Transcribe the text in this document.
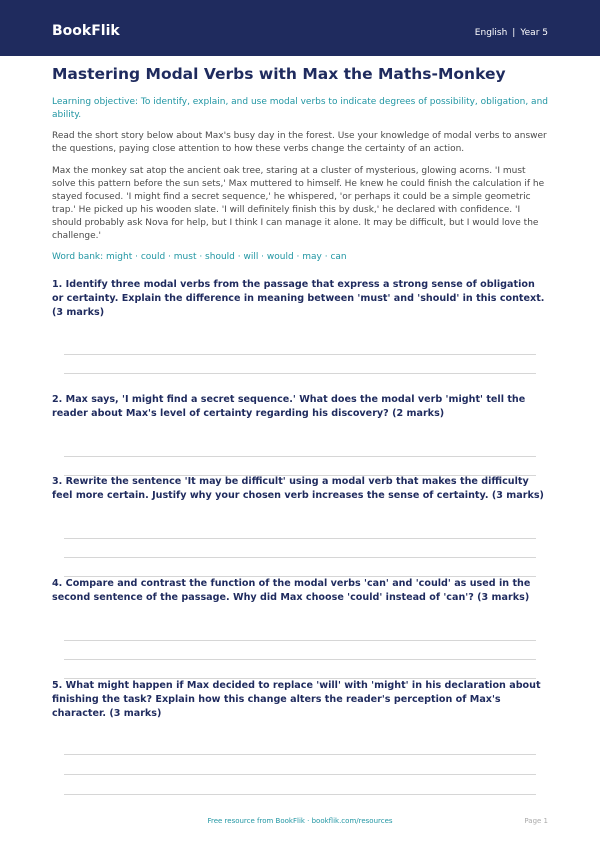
BookFlik	English | Year 5
Mastering Modal Verbs with Max the Maths-Monkey

Learning objective: To identify, explain, and use modal verbs to indicate degrees of possibility, obligation, and ability.

Read the short story below about Max's busy day in the forest. Use your knowledge of modal verbs to answer the questions, paying close attention to how these verbs change the certainty of an action.

Max the monkey sat atop the ancient oak tree, staring at a cluster of mysterious, glowing acorns. 'I must solve this pattern before the sun sets,' Max muttered to himself. He knew he could finish the calculation if he stayed focused. 'I might find a secret sequence,' he whispered, 'or perhaps it could be a simple geometric trap.' He picked up his wooden slate. 'I will definitely finish this by dusk,' he declared with confidence. 'I should probably ask Nova for help, but I think I can manage it alone. It may be difficult, but I would love the challenge.'

Word bank: might · could · must · should · will · would · may · can

1. Identify three modal verbs from the passage that express a strong sense of obligation or certainty. Explain the difference in meaning between 'must' and 'should' in this context. (3 marks)

2. Max says, 'I might find a secret sequence.' What does the modal verb 'might' tell the reader about Max's level of certainty regarding his discovery? (2 marks)

3. Rewrite the sentence 'It may be difficult' using a modal verb that makes the difficulty feel more certain. Justify why your chosen verb increases the sense of certainty. (3 marks)

4. Compare and contrast the function of the modal verbs 'can' and 'could' as used in the second sentence of the passage. Why did Max choose 'could' instead of 'can'? (3 marks)

5. What might happen if Max decided to replace 'will' with 'might' in his declaration about finishing the task? Explain how this change alters the reader's perception of Max's character. (3 marks)

Free resource from BookFlik · bookflik.com/resources	Page 1
